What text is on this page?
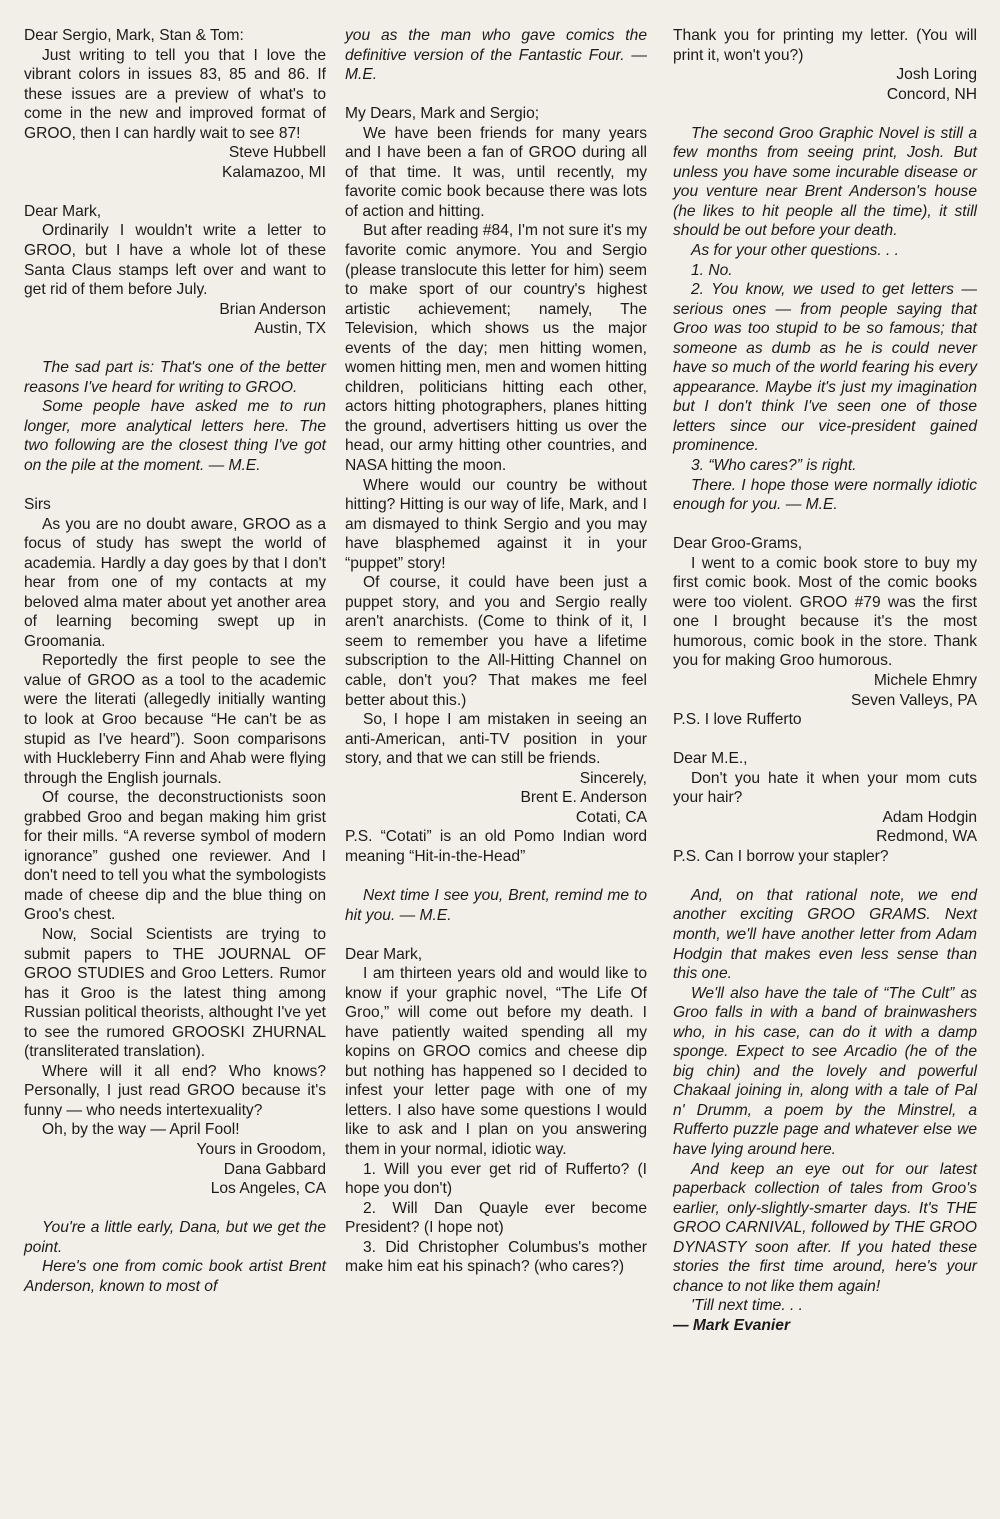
Dear Sergio, Mark, Stan & Tom:

Just writing to tell you that I love the vibrant colors in issues 83, 85 and 86. If these issues are a preview of what's to come in the new and improved format of GROO, then I can hardly wait to see 87!

Steve Hubbell

Kalamazoo, MI

Dear Mark,

Ordinarily I wouldn't write a letter to GROO, but I have a whole lot of these Santa Claus stamps left over and want to get rid of them before July.

Brian Anderson

Austin, TX

The sad part is: That's one of the better reasons I've heard for writing to GROO.

Some people have asked me to run longer, more analytical letters here. The two following are the closest thing I've got on the pile at the moment. — M.E.

Sirs

As you are no doubt aware, GROO as a focus of study has swept the world of academia. Hardly a day goes by that I don't hear from one of my contacts at my beloved alma mater about yet another area of learning becoming swept up in Groomania.

Reportedly the first people to see the value of GROO as a tool to the academic were the literati (allegedly initially wanting to look at Groo because “He can't be as stupid as I've heard”). Soon comparisons with Huckleberry Finn and Ahab were flying through the English journals.

Of course, the deconstructionists soon grabbed Groo and began making him grist for their mills. “A reverse symbol of modern ignorance” gushed one reviewer. And I don't need to tell you what the symbologists made of cheese dip and the blue thing on Groo's chest.

Now, Social Scientists are trying to submit papers to THE JOURNAL OF GROO STUDIES and Groo Letters. Rumor has it Groo is the latest thing among Russian political theorists, althought I've yet to see the rumored GROOSKI ZHURNAL (transliterated translation).

Where will it all end? Who knows? Personally, I just read GROO because it's funny — who needs intertexuality?

Oh, by the way — April Fool!

Yours in Groodom,

Dana Gabbard

Los Angeles, CA

You're a little early, Dana, but we get the point.

Here's one from comic book artist Brent Anderson, known to most of

you as the man who gave comics the definitive version of the Fantastic Four. — M.E.

My Dears, Mark and Sergio;

We have been friends for many years and I have been a fan of GROO during all of that time. It was, until recently, my favorite comic book because there was lots of action and hitting.

But after reading #84, I'm not sure it's my favorite comic anymore. You and Sergio (please translocute this letter for him) seem to make sport of our country's highest artistic achievement; namely, The Television, which shows us the major events of the day; men hitting women, women hitting men, men and women hitting children, politicians hitting each other, actors hitting photographers, planes hitting the ground, advertisers hitting us over the head, our army hitting other countries, and NASA hitting the moon.

Where would our country be without hitting? Hitting is our way of life, Mark, and I am dismayed to think Sergio and you may have blasphemed against it in your “puppet” story!

Of course, it could have been just a puppet story, and you and Sergio really aren't anarchists. (Come to think of it, I seem to remember you have a lifetime subscription to the All-Hitting Channel on cable, don't you? That makes me feel better about this.)

So, I hope I am mistaken in seeing an anti-American, anti-TV position in your story, and that we can still be friends.

Sincerely,

Brent E. Anderson

Cotati, CA

P.S. “Cotati” is an old Pomo Indian word meaning “Hit-in-the-Head”

Next time I see you, Brent, remind me to hit you. — M.E.

Dear Mark,

I am thirteen years old and would like to know if your graphic novel, “The Life Of Groo,” will come out before my death. I have patiently waited spending all my kopins on GROO comics and cheese dip but nothing has happened so I decided to infest your letter page with one of my letters. I also have some questions I would like to ask and I plan on you answering them in your normal, idiotic way.

1. Will you ever get rid of Rufferto? (I hope you don't)

2. Will Dan Quayle ever become President? (I hope not)

3. Did Christopher Columbus's mother make him eat his spinach? (who cares?)

Thank you for printing my letter. (You will print it, won't you?)

Josh Loring

Concord, NH

The second Groo Graphic Novel is still a few months from seeing print, Josh. But unless you have some incurable disease or you venture near Brent Anderson's house (he likes to hit people all the time), it still should be out before your death.

As for your other questions. . .

1. No.

2. You know, we used to get letters — serious ones — from people saying that Groo was too stupid to be so famous; that someone as dumb as he is could never have so much of the world fearing his every appearance. Maybe it's just my imagination but I don't think I've seen one of those letters since our vice-president gained prominence.

3. “Who cares?” is right.

There. I hope those were normally idiotic enough for you. — M.E.

Dear Groo-Grams,

I went to a comic book store to buy my first comic book. Most of the comic books were too violent. GROO #79 was the first one I brought because it's the most humorous, comic book in the store. Thank you for making Groo humorous.

Michele Ehmry

Seven Valleys, PA

P.S. I love Rufferto

Dear M.E.,

Don't you hate it when your mom cuts your hair?

Adam Hodgin

Redmond, WA

P.S. Can I borrow your stapler?

And, on that rational note, we end another exciting GROO GRAMS. Next month, we'll have another letter from Adam Hodgin that makes even less sense than this one.

We'll also have the tale of “The Cult” as Groo falls in with a band of brainwashers who, in his case, can do it with a damp sponge. Expect to see Arcadio (he of the big chin) and the lovely and powerful Chakaal joining in, along with a tale of Pal n' Drumm, a poem by the Minstrel, a Rufferto puzzle page and whatever else we have lying around here.

And keep an eye out for our latest paperback collection of tales from Groo's earlier, only-slightly-smarter days. It's THE GROO CARNIVAL, followed by THE GROO DYNASTY soon after. If you hated these stories the first time around, here's your chance to not like them again!

'Till next time. . .

— Mark Evanier
